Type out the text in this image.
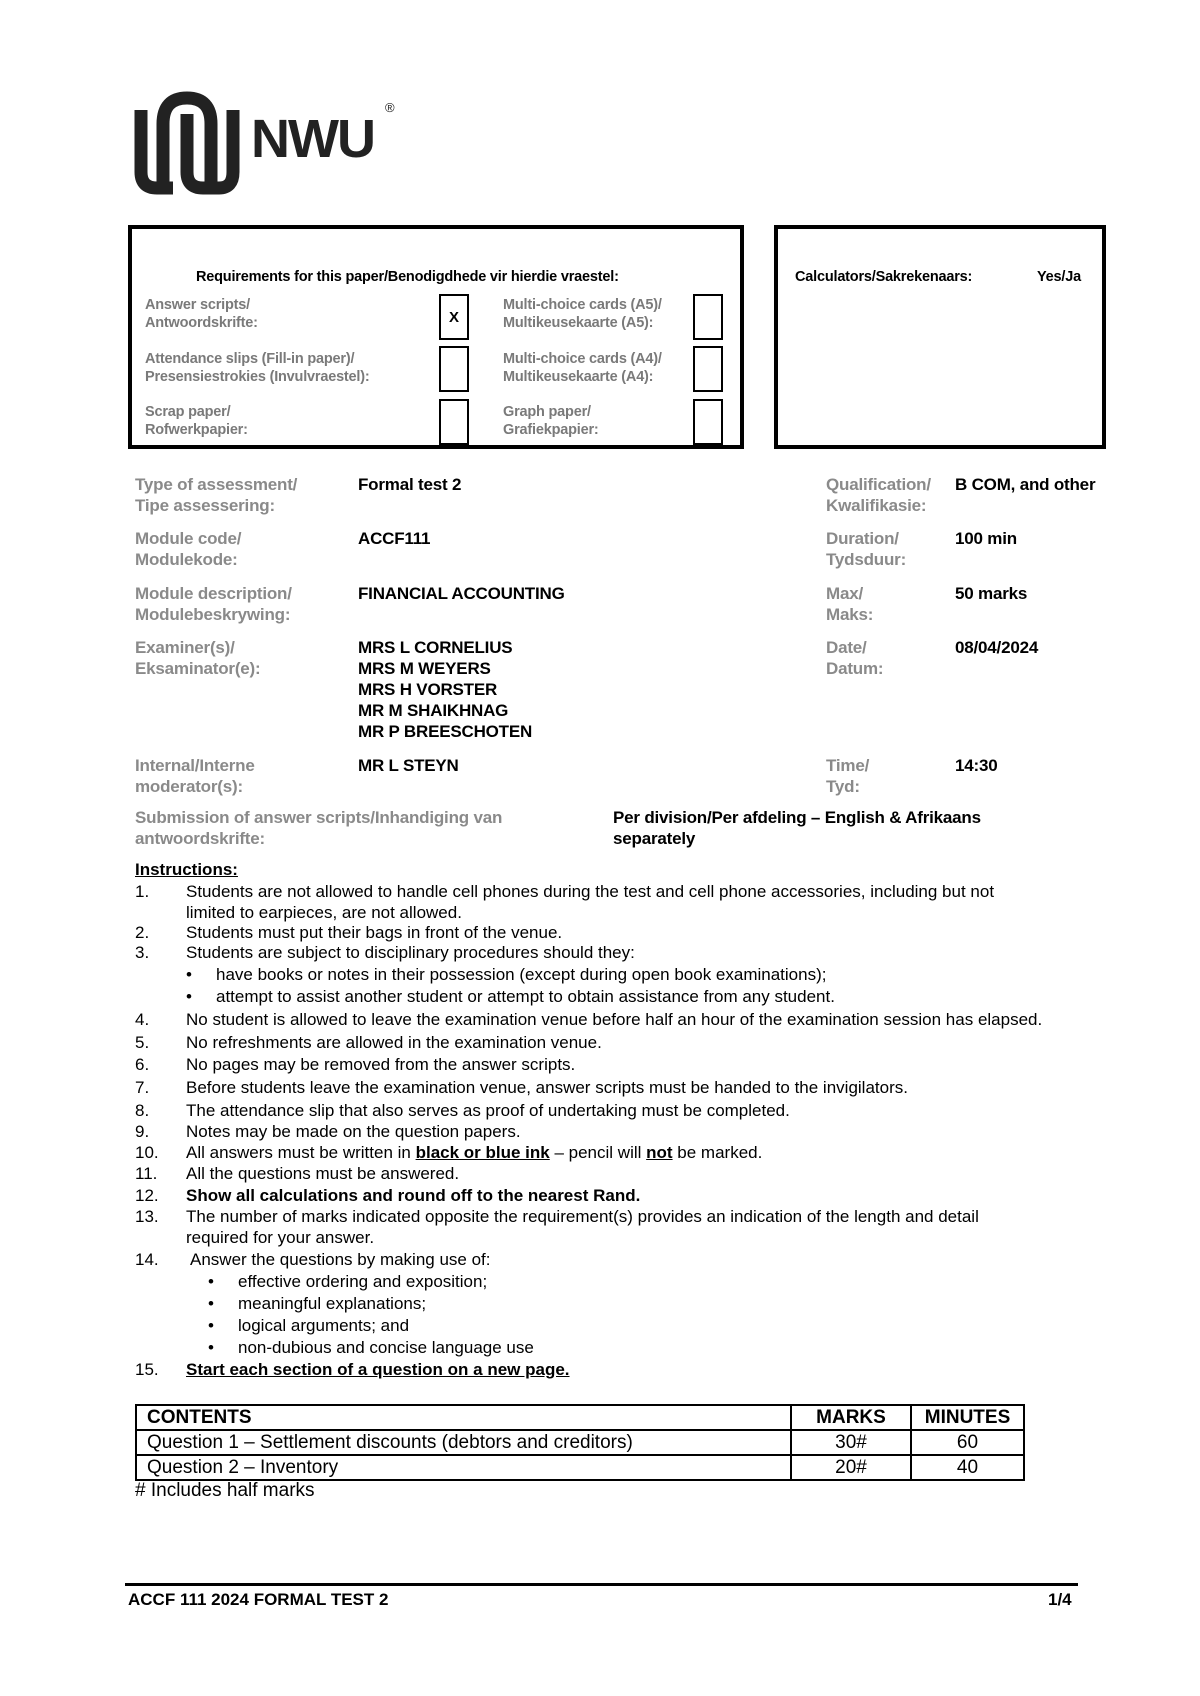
NWU
®
Requirements for this paper/Benodigdhede vir hierdie vraestel:
Answer scripts/
Antwoordskrifte:	X
Multi-choice cards (A5)/
Multikeusekaarte (A5):
Attendance slips (Fill-in paper)/
Presensiestrokies (Invulvraestel):
Multi-choice cards (A4)/
Multikeusekaarte (A4):
Scrap paper/
Rofwerkpapier:
Graph paper/
Grafiekpapier:
Calculators/Sakrekenaars:	Yes/Ja
Type of assessment/
Tipe assessering:
Formal test 2	Qualification/
Kwalifikasie:
B COM, and other
Module code/
Modulekode:
ACCF111	Duration/
Tydsduur:
100 min
Module description/
Modulebeskrywing:
FINANCIAL ACCOUNTING	Max/
Maks:
50 marks
Examiner(s)/
Eksaminator(e):
MRS L CORNELIUS
MRS M WEYERS
MRS H VORSTER
MR M SHAIKHNAG
MR P BREESCHOTEN
Date/
Datum:
08/04/2024
Internal/Interne
moderator(s):
MR L STEYN	Time/
Tyd:
14:30
Submission of answer scripts/Inhandiging van
antwoordskrifte:
Per division/Per afdeling – English & Afrikaans
separately
Instructions:
1. Students are not allowed to handle cell phones during the test and cell phone accessories, including but not
limited to earpieces, are not allowed.
2. Students must put their bags in front of the venue.
3. Students are subject to disciplinary procedures should they:
• have books or notes in their possession (except during open book examinations);
• attempt to assist another student or attempt to obtain assistance from any student.
4. No student is allowed to leave the examination venue before half an hour of the examination session has elapsed.
5. No refreshments are allowed in the examination venue.
6. No pages may be removed from the answer scripts.
7. Before students leave the examination venue, answer scripts must be handed to the invigilators.
8. The attendance slip that also serves as proof of undertaking must be completed.
9. Notes may be made on the question papers.
10. All answers must be written in black or blue ink – pencil will not be marked.
11. All the questions must be answered.
12. Show all calculations and round off to the nearest Rand.
13. The number of marks indicated opposite the requirement(s) provides an indication of the length and detail
required for your answer.
14. Answer the questions by making use of:
• effective ordering and exposition;
• meaningful explanations;
• logical arguments; and
• non-dubious and concise language use
15. Start each section of a question on a new page.
CONTENTS	MARKS	MINUTES
Question 1 – Settlement discounts (debtors and creditors)	30#	60
Question 2 – Inventory	20#	40
# Includes half marks
ACCF 111 2024 FORMAL TEST 2	1/4
